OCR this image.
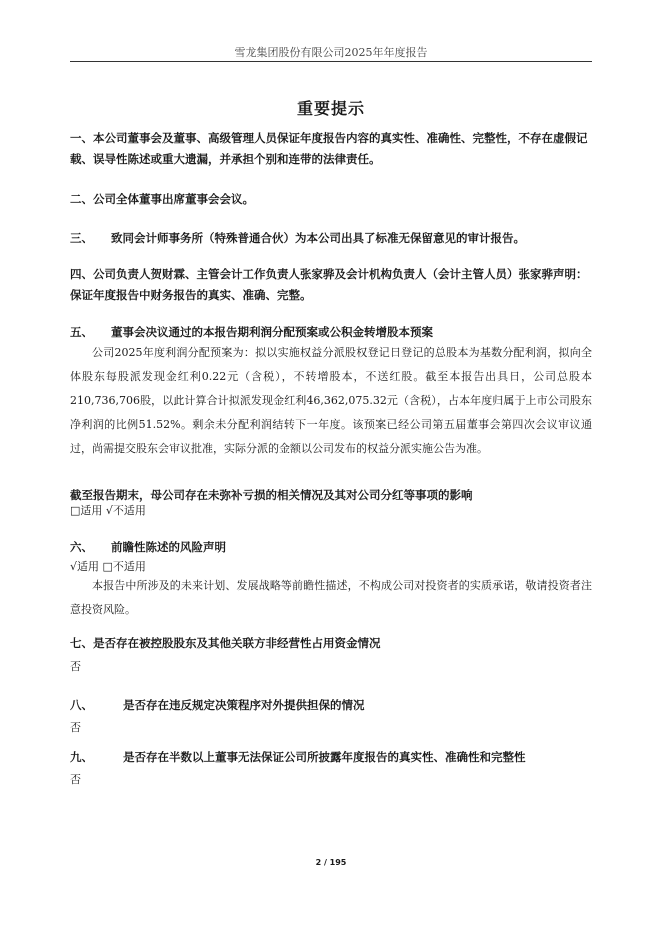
雪龙集团股份有限公司2025年年度报告
重要提示
一、本公司董事会及董事、高级管理人员保证年度报告内容的真实性、准确性、完整性，不存在虚假记载、误导性陈述或重大遗漏，并承担个别和连带的法律责任。
二、公司全体董事出席董事会会议。
三、 致同会计师事务所（特殊普通合伙）为本公司出具了标准无保留意见的审计报告。
四、公司负责人贺财霖、主管会计工作负责人张家骅及会计机构负责人（会计主管人员）张家骅声明：保证年度报告中财务报告的真实、准确、完整。
五、 董事会决议通过的本报告期利润分配预案或公积金转增股本预案
公司2025年度利润分配预案为：拟以实施权益分派股权登记日登记的总股本为基数分配利润，拟向全体股东每股派发现金红利0.22元（含税），不转增股本，不送红股。截至本报告出具日，公司总股本210,736,706股，以此计算合计拟派发现金红利46,362,075.32元（含税），占本年度归属于上市公司股东净利润的比例51.52%。剩余未分配利润结转下一年度。该预案已经公司第五届董事会第四次会议审议通过，尚需提交股东会审议批准，实际分派的金额以公司发布的权益分派实施公告为准。
截至报告期末，母公司存在未弥补亏损的相关情况及其对公司分红等事项的影响
□适用 √不适用
六、 前瞻性陈述的风险声明
√适用 □不适用
本报告中所涉及的未来计划、发展战略等前瞻性描述，不构成公司对投资者的实质承诺，敬请投资者注意投资风险。
七、是否存在被控股股东及其他关联方非经营性占用资金情况
否
八、	是否存在违反规定决策程序对外提供担保的情况
否
九、	是否存在半数以上董事无法保证公司所披露年度报告的真实性、准确性和完整性
否
2 / 195
